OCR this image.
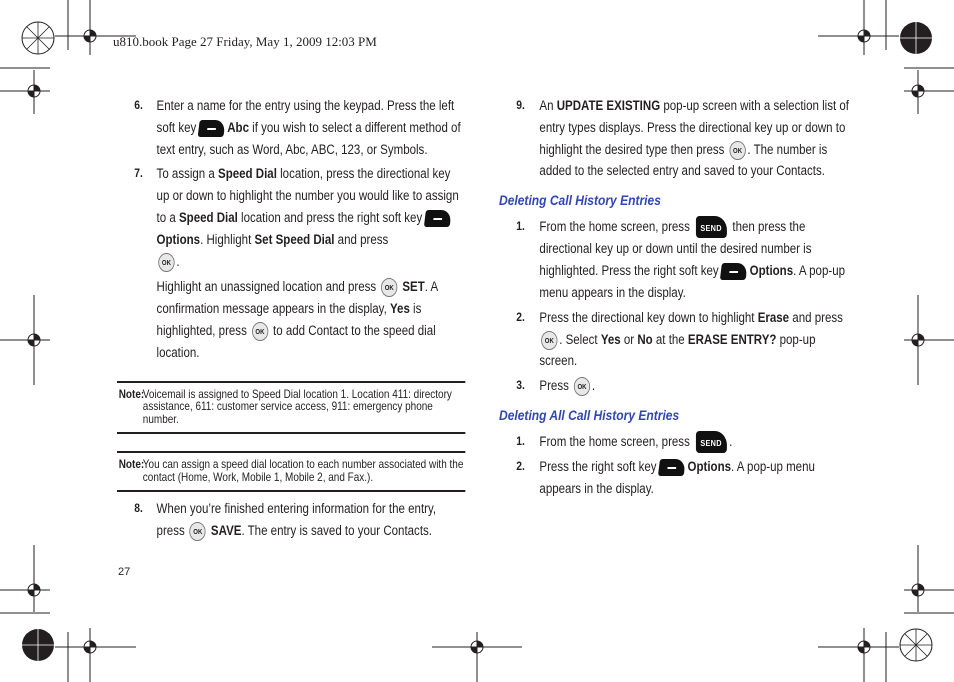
u810.book Page 27 Friday, May 1, 2009 12:03 PM
6. Enter a name for the entry using the keypad. Press the left soft key Abc if you wish to select a different method of text entry, such as Word, Abc, ABC, 123, or Symbols.
7. To assign a Speed Dial location, press the directional key up or down to highlight the number you would like to assign to a Speed Dial location and press the right soft keyOptions. Highlight Set Speed Dial and press
OK .
Highlight an unassigned location and press OK SET. A confirmation message appears in the display, Yes is highlighted, press OK to add Contact to the speed dial location.
Note:
Voicemail is assigned to Speed Dial location 1. Location 411: directory assistance, 611: customer service access, 911: emergency phone number.
Note:
You can assign a speed dial location to each number associated with the contact (Home, Work, Mobile 1, Mobile 2, and Fax.).
8. When you’re finished entering information for the entry, press OK SAVE. The entry is saved to your Contacts.
9. An UPDATE EXISTING pop-up screen with a selection list of entry types displays. Press the directional key up or down to highlight the desired type then press OK . The number is added to the selected entry and saved to your Contacts.
Deleting Call History Entries
1. From the home screen, press SEND then press the directional key up or down until the desired number is highlighted. Press the right soft key Options. A pop-up menu appears in the display.
2. Press the directional key down to highlight Erase and press OK . Select Yes or No at the ERASE ENTRY? pop-up screen.
3. Press OK .
Deleting All Call History Entries
1. From the home screen, press SEND .
2. Press the right soft key Options. A pop-up menu appears in the display.
27
